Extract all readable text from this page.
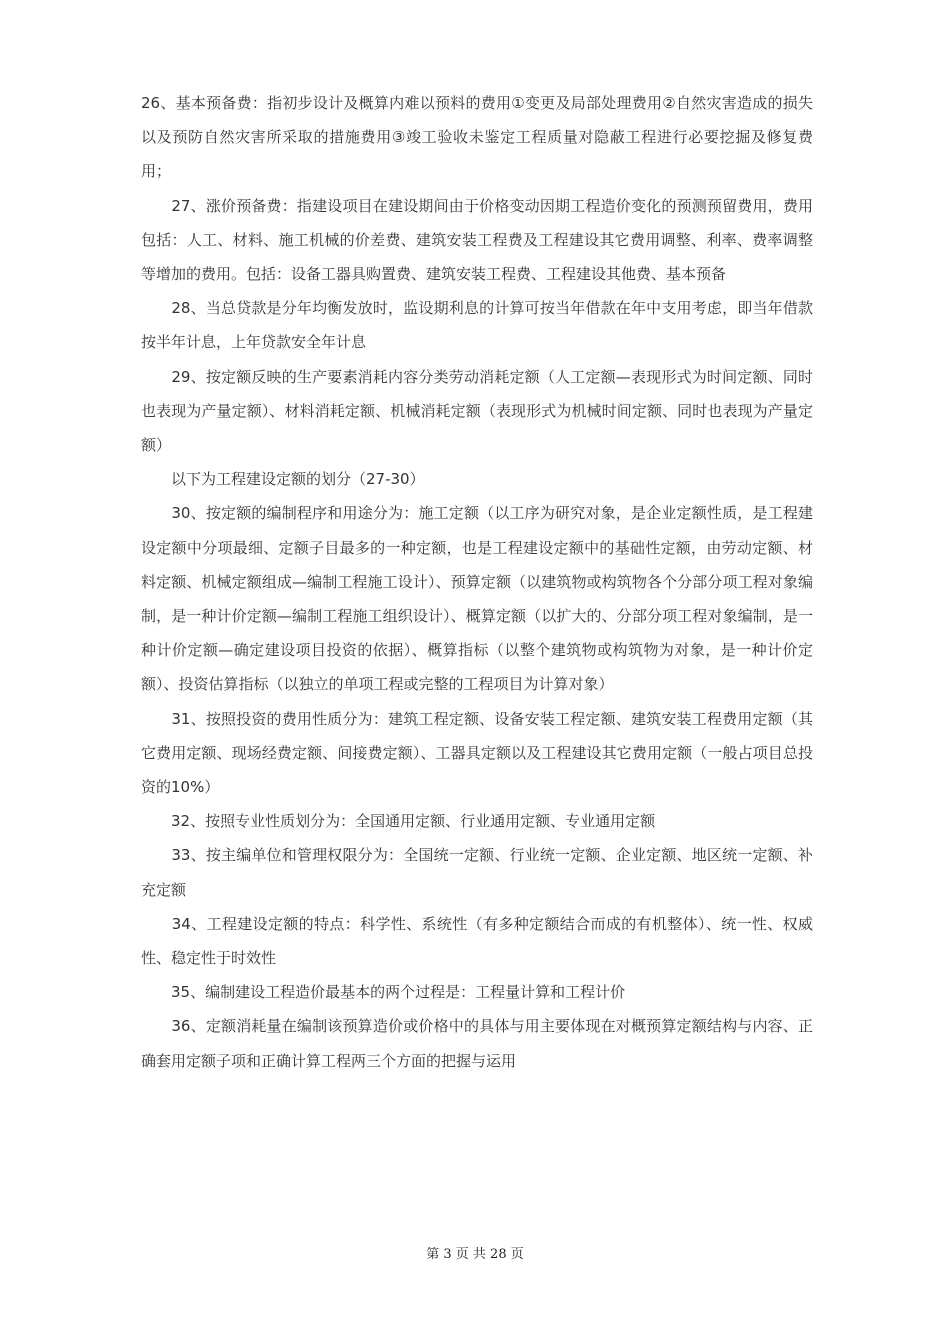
26、基本预备费：指初步设计及概算内难以预料的费用①变更及局部处理费用②自然灾害造成的损失以及预防自然灾害所采取的措施费用③竣工验收未鉴定工程质量对隐蔽工程进行必要挖掘及修复费用；

　　27、涨价预备费：指建设项目在建设期间由于价格变动因期工程造价变化的预测预留费用，费用包括：人工、材料、施工机械的价差费、建筑安装工程费及工程建设其它费用调整、利率、费率调整等增加的费用。包括：设备工器具购置费、建筑安装工程费、工程建设其他费、基本预备

　　28、当总贷款是分年均衡发放时，监设期利息的计算可按当年借款在年中支用考虑，即当年借款按半年计息，上年贷款安全年计息

　　29、按定额反映的生产要素消耗内容分类劳动消耗定额（人工定额—表现形式为时间定额、同时也表现为产量定额）、材料消耗定额、机械消耗定额（表现形式为机械时间定额、同时也表现为产量定额）

　　以下为工程建设定额的划分（27-30）

　　30、按定额的编制程序和用途分为：施工定额（以工序为研究对象，是企业定额性质，是工程建设定额中分项最细、定额子目最多的一种定额，也是工程建设定额中的基础性定额，由劳动定额、材料定额、机械定额组成—编制工程施工设计）、预算定额（以建筑物或构筑物各个分部分项工程对象编制，是一种计价定额—编制工程施工组织设计）、概算定额（以扩大的、分部分项工程对象编制，是一种计价定额—确定建设项目投资的依据）、概算指标（以整个建筑物或构筑物为对象，是一种计价定额）、投资估算指标（以独立的单项工程或完整的工程项目为计算对象）

　　31、按照投资的费用性质分为：建筑工程定额、设备安装工程定额、建筑安装工程费用定额（其它费用定额、现场经费定额、间接费定额）、工器具定额以及工程建设其它费用定额（一般占项目总投资的10%）

　　32、按照专业性质划分为：全国通用定额、行业通用定额、专业通用定额

　　33、按主编单位和管理权限分为：全国统一定额、行业统一定额、企业定额、地区统一定额、补充定额

　　34、工程建设定额的特点：科学性、系统性（有多种定额结合而成的有机整体）、统一性、权威性、稳定性于时效性

　　35、编制建设工程造价最基本的两个过程是：工程量计算和工程计价

　　36、定额消耗量在编制该预算造价或价格中的具体与用主要体现在对概预算定额结构与内容、正确套用定额子项和正确计算工程两三个方面的把握与运用

第 3 页 共 28 页
